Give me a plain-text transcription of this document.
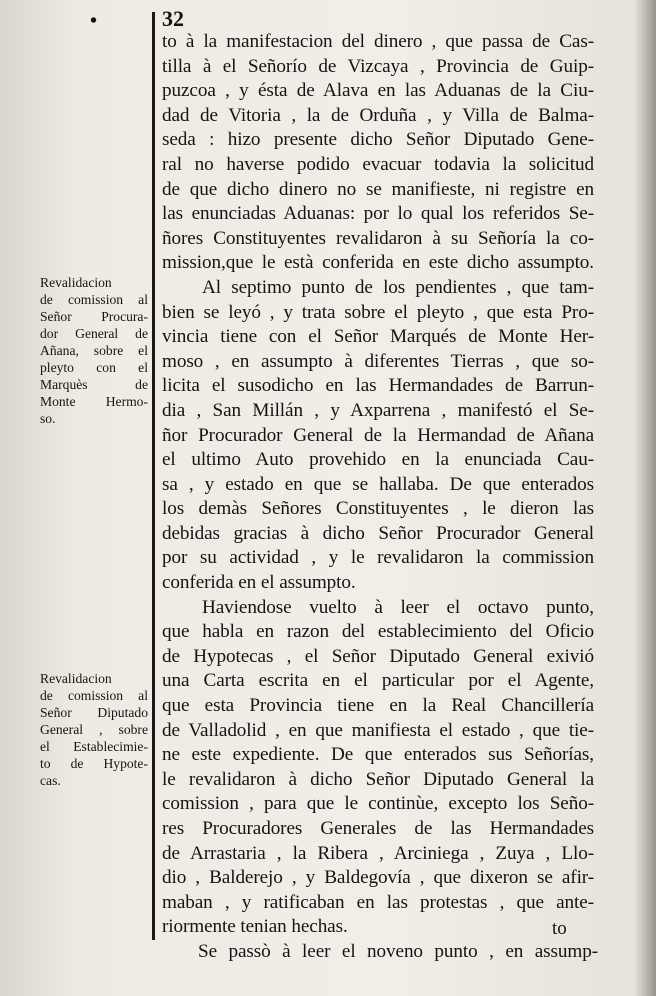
•	32
to à la manifestacion del dinero , que passa de Cas-
tilla à el Señorío de Vizcaya , Provincia de Guip-
puzcoa , y ésta de Alava en las Aduanas de la Ciu-
dad de Vitoria , la de Orduña , y Villa de Balma-
seda : hizo presente dicho Señor Diputado Gene-
ral no haverse podido evacuar todavia la solicitud
de que dicho dinero no se manifieste, ni registre en
las enunciadas Aduanas: por lo qual los referidos Se-
ñores Constituyentes revalidaron à su Señoría la co-
mission,que le està conferida en este dicho assumpto.
Al septimo punto de los pendientes , que tam-
bien se leyó , y trata sobre el pleyto , que esta Pro-
vincia tiene con el Señor Marqués de Monte Her-
moso , en assumpto à diferentes Tierras , que so-
licita el susodicho en las Hermandades de Barrun-
dia , San Millán , y Axparrena , manifestó el Se-
ñor Procurador General de la Hermandad de Añana
el ultimo Auto provehido en la enunciada Cau-
sa , y estado en que se hallaba. De que enterados
los demàs Señores Constituyentes , le dieron las
debidas gracias à dicho Señor Procurador General
por su actividad , y le revalidaron la commission
conferida en el assumpto.
Haviendose vuelto à leer el octavo punto,
que habla en razon del establecimiento del Oficio
de Hypotecas , el Señor Diputado General exivió
una Carta escrita en el particular por el Agente,
que esta Provincia tiene en la Real Chancillería
de Valladolid , en que manifiesta el estado , que tie-
ne este expediente. De que enterados sus Señorías,
le revalidaron à dicho Señor Diputado General la
comission , para que le continùe, excepto los Seño-
res Procuradores Generales de las Hermandades
de Arrastaria , la Ribera , Arciniega , Zuya , Llo-
dio , Balderejo , y Baldegovía , que dixeron se afir-
maban , y ratificaban en las protestas , que ante-
riormente tenian hechas.
Se passò à leer el noveno punto , en assump-
Revalidacion
de comission al
Señor Procura-
dor General de
Añana, sobre el
pleyto con el
Marquès de
Monte Hermo-
so.
Revalidacion
de comission al
Señor Diputado
General , sobre
el Establecimie-
to de Hypote-
cas.
to
